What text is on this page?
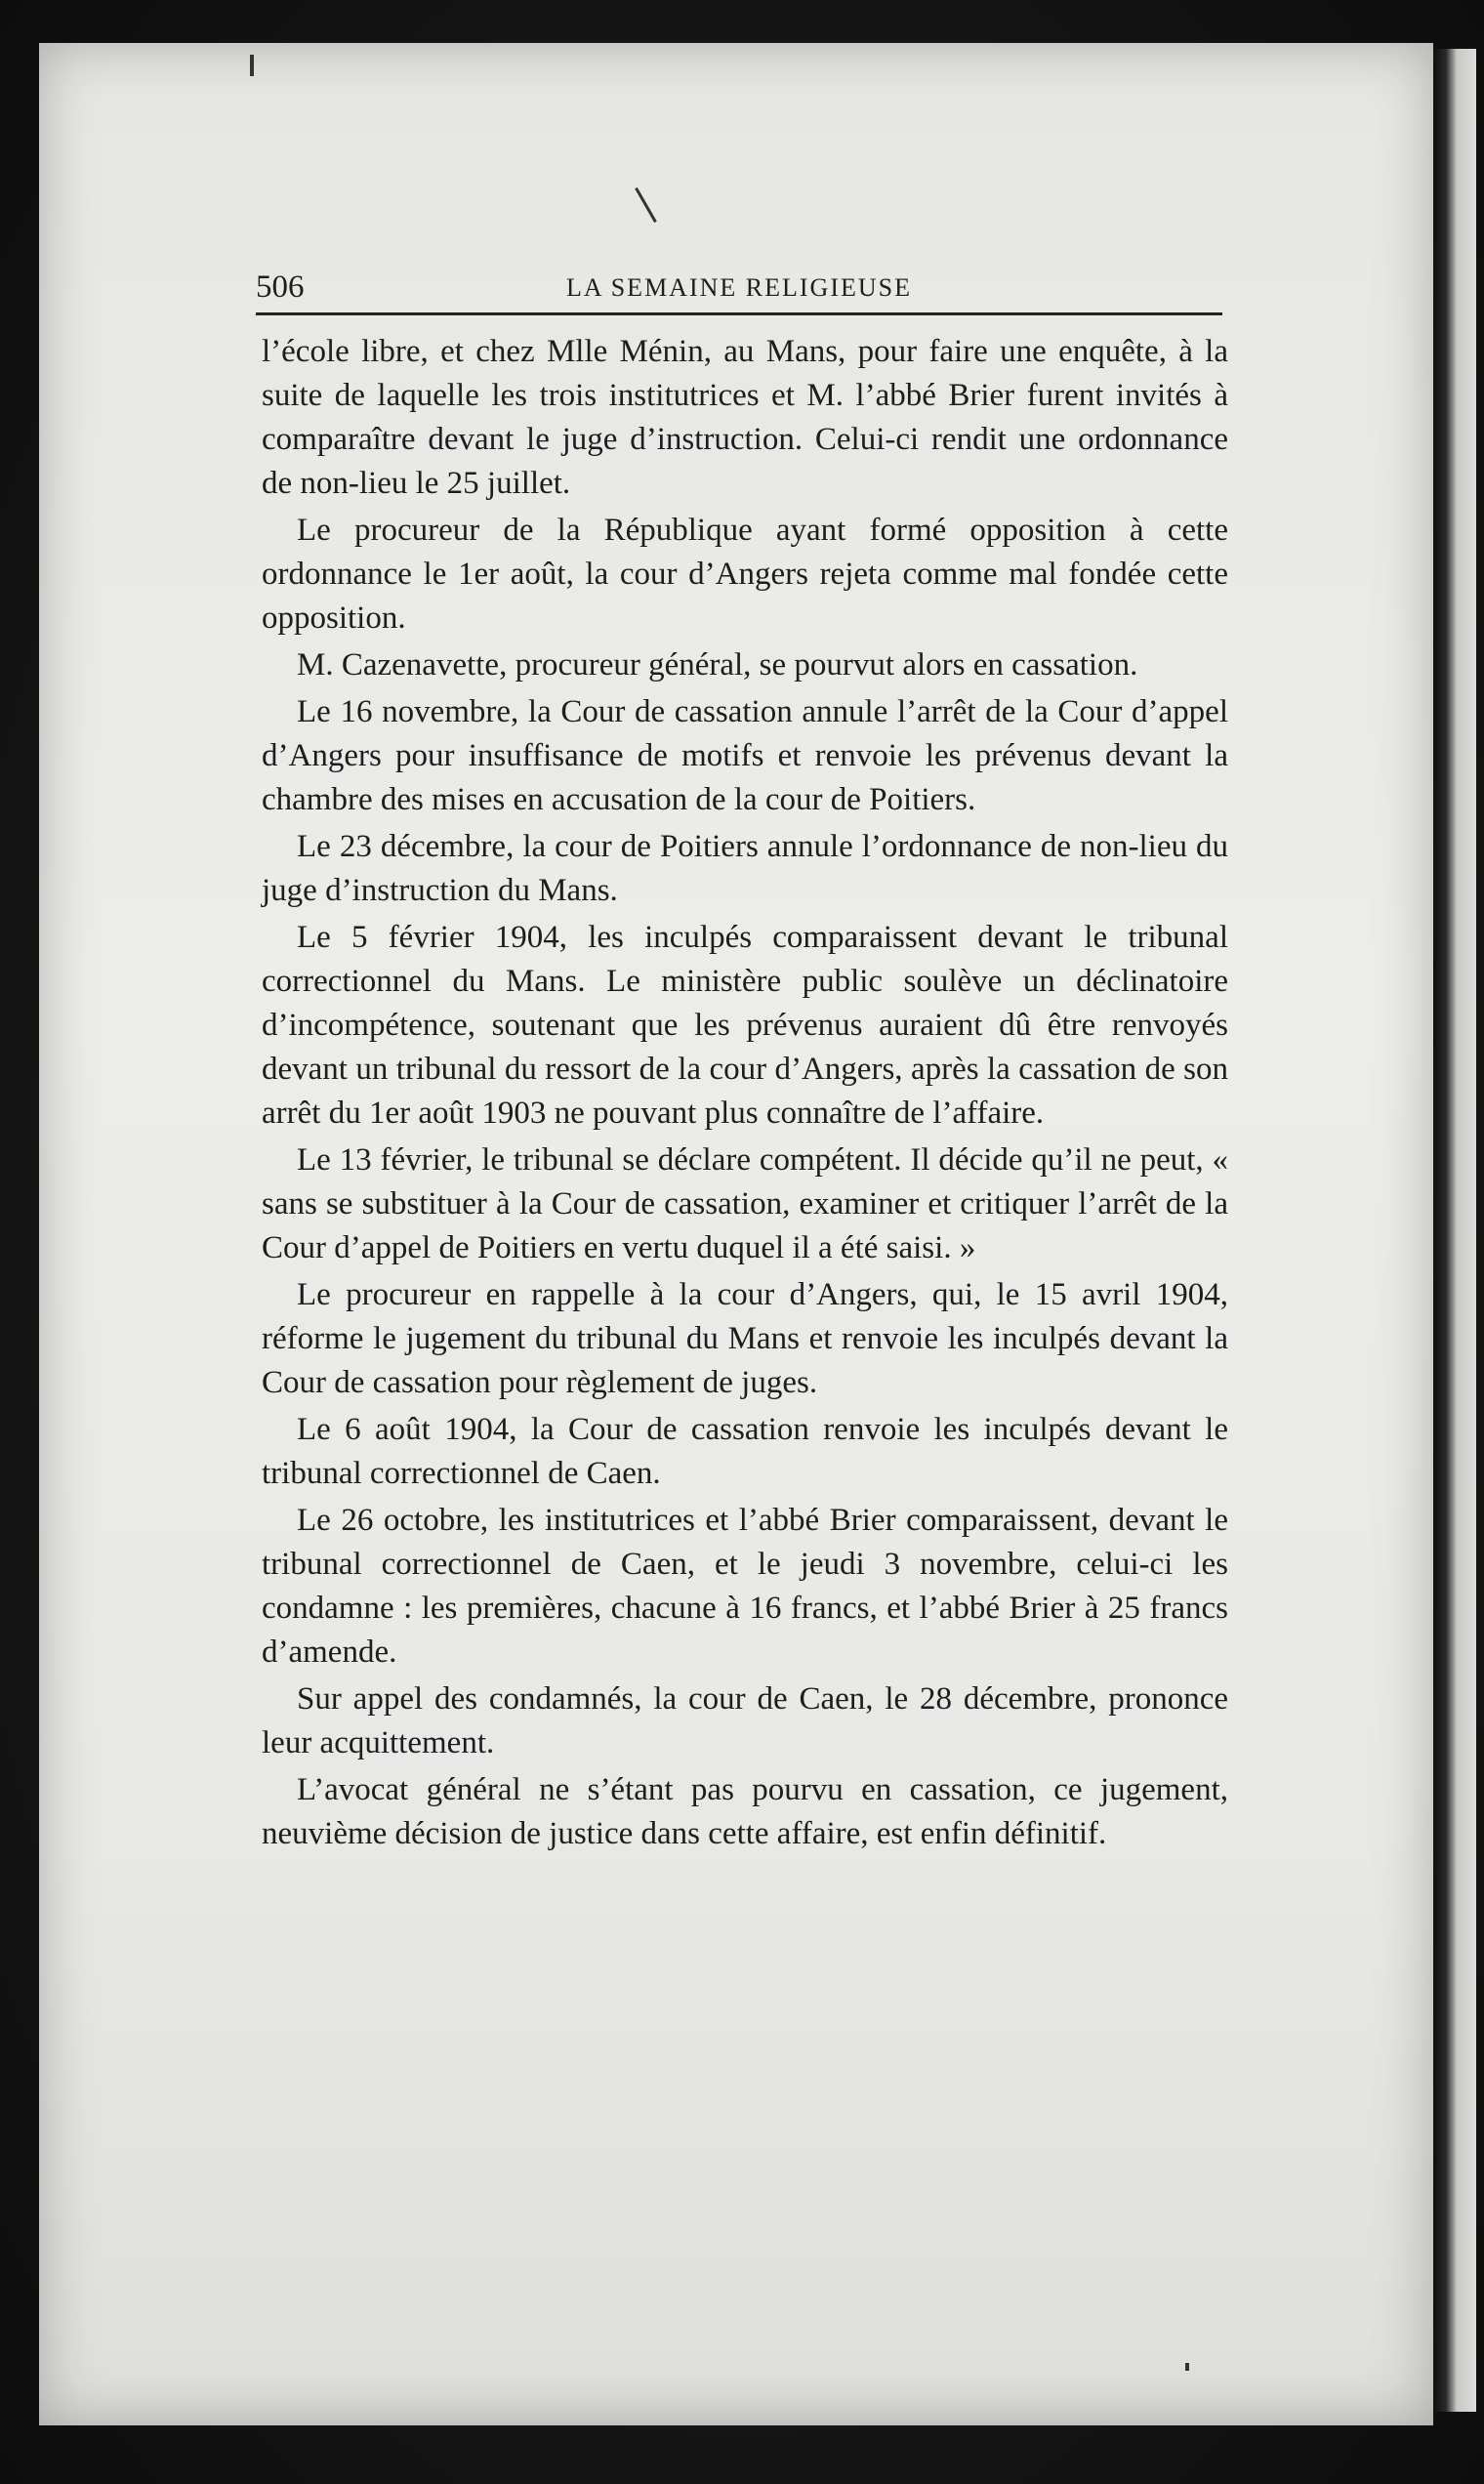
506	LA SEMAINE RELIGIEUSE

l’école libre, et chez Mlle Ménin, au Mans, pour faire une enquête, à la suite de laquelle les trois institutrices et M. l’abbé Brier furent invités à comparaître devant le juge d’instruction. Celui-ci rendit une ordonnance de non-lieu le 25 juillet.

Le procureur de la République ayant formé opposition à cette ordonnance le 1er août, la cour d’Angers rejeta comme mal fondée cette opposition.

M. Cazenavette, procureur général, se pourvut alors en cassation.

Le 16 novembre, la Cour de cassation annule l’arrêt de la Cour d’appel d’Angers pour insuffisance de motifs et renvoie les prévenus devant la chambre des mises en accusation de la cour de Poitiers.

Le 23 décembre, la cour de Poitiers annule l’ordonnance de non-lieu du juge d’instruction du Mans.

Le 5 février 1904, les inculpés comparaissent devant le tribunal correctionnel du Mans. Le ministère public soulève un déclinatoire d’incompétence, soutenant que les prévenus auraient dû être renvoyés devant un tribunal du ressort de la cour d’Angers, après la cassation de son arrêt du 1er août 1903 ne pouvant plus connaître de l’affaire.

Le 13 février, le tribunal se déclare compétent. Il décide qu’il ne peut, « sans se substituer à la Cour de cassation, examiner et critiquer l’arrêt de la Cour d’appel de Poitiers en vertu duquel il a été saisi. »

Le procureur en rappelle à la cour d’Angers, qui, le 15 avril 1904, réforme le jugement du tribunal du Mans et renvoie les inculpés devant la Cour de cassation pour règlement de juges.

Le 6 août 1904, la Cour de cassation renvoie les inculpés devant le tribunal correctionnel de Caen.

Le 26 octobre, les institutrices et l’abbé Brier comparaissent, devant le tribunal correctionnel de Caen, et le jeudi 3 novembre, celui-ci les condamne : les premières, chacune à 16 francs, et l’abbé Brier à 25 francs d’amende.

Sur appel des condamnés, la cour de Caen, le 28 décembre, prononce leur acquittement.

L’avocat général ne s’étant pas pourvu en cassation, ce jugement, neuvième décision de justice dans cette affaire, est enfin définitif.
